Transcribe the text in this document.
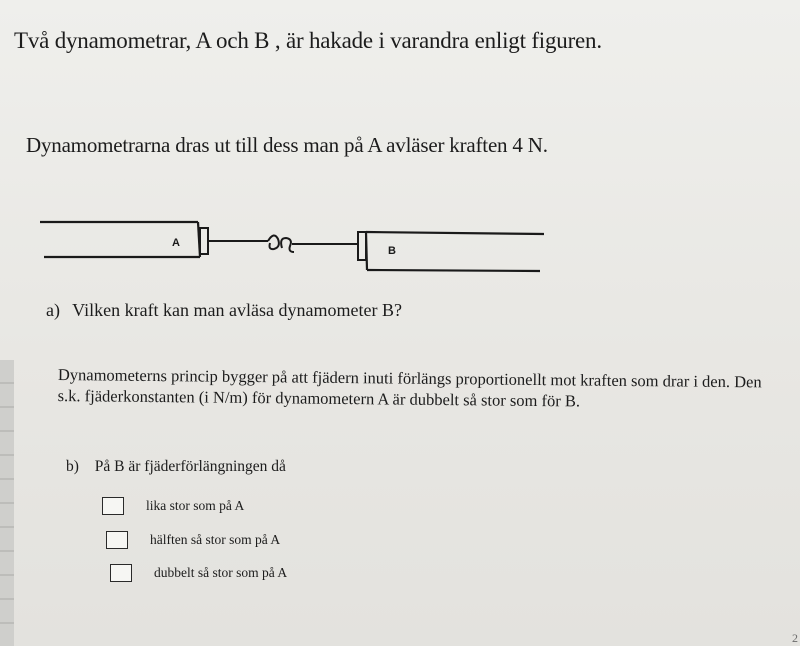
Två dynamometrar, A och B , är hakade i varandra enligt figuren.
Dynamometrarna dras ut till dess man på A avläser kraften 4 N.
A
B
a) Vilken kraft kan man avläsa dynamometer B?
Dynamometerns princip bygger på att fjädern inuti förlängs proportionellt mot kraften som drar i den. Den s.k. fjäderkonstanten (i N/m) för dynamometern A är dubbelt så stor som för B.
b) På B är fjäderförlängningen då
lika stor som på A
hälften så stor som på A
dubbelt så stor som på A
2
